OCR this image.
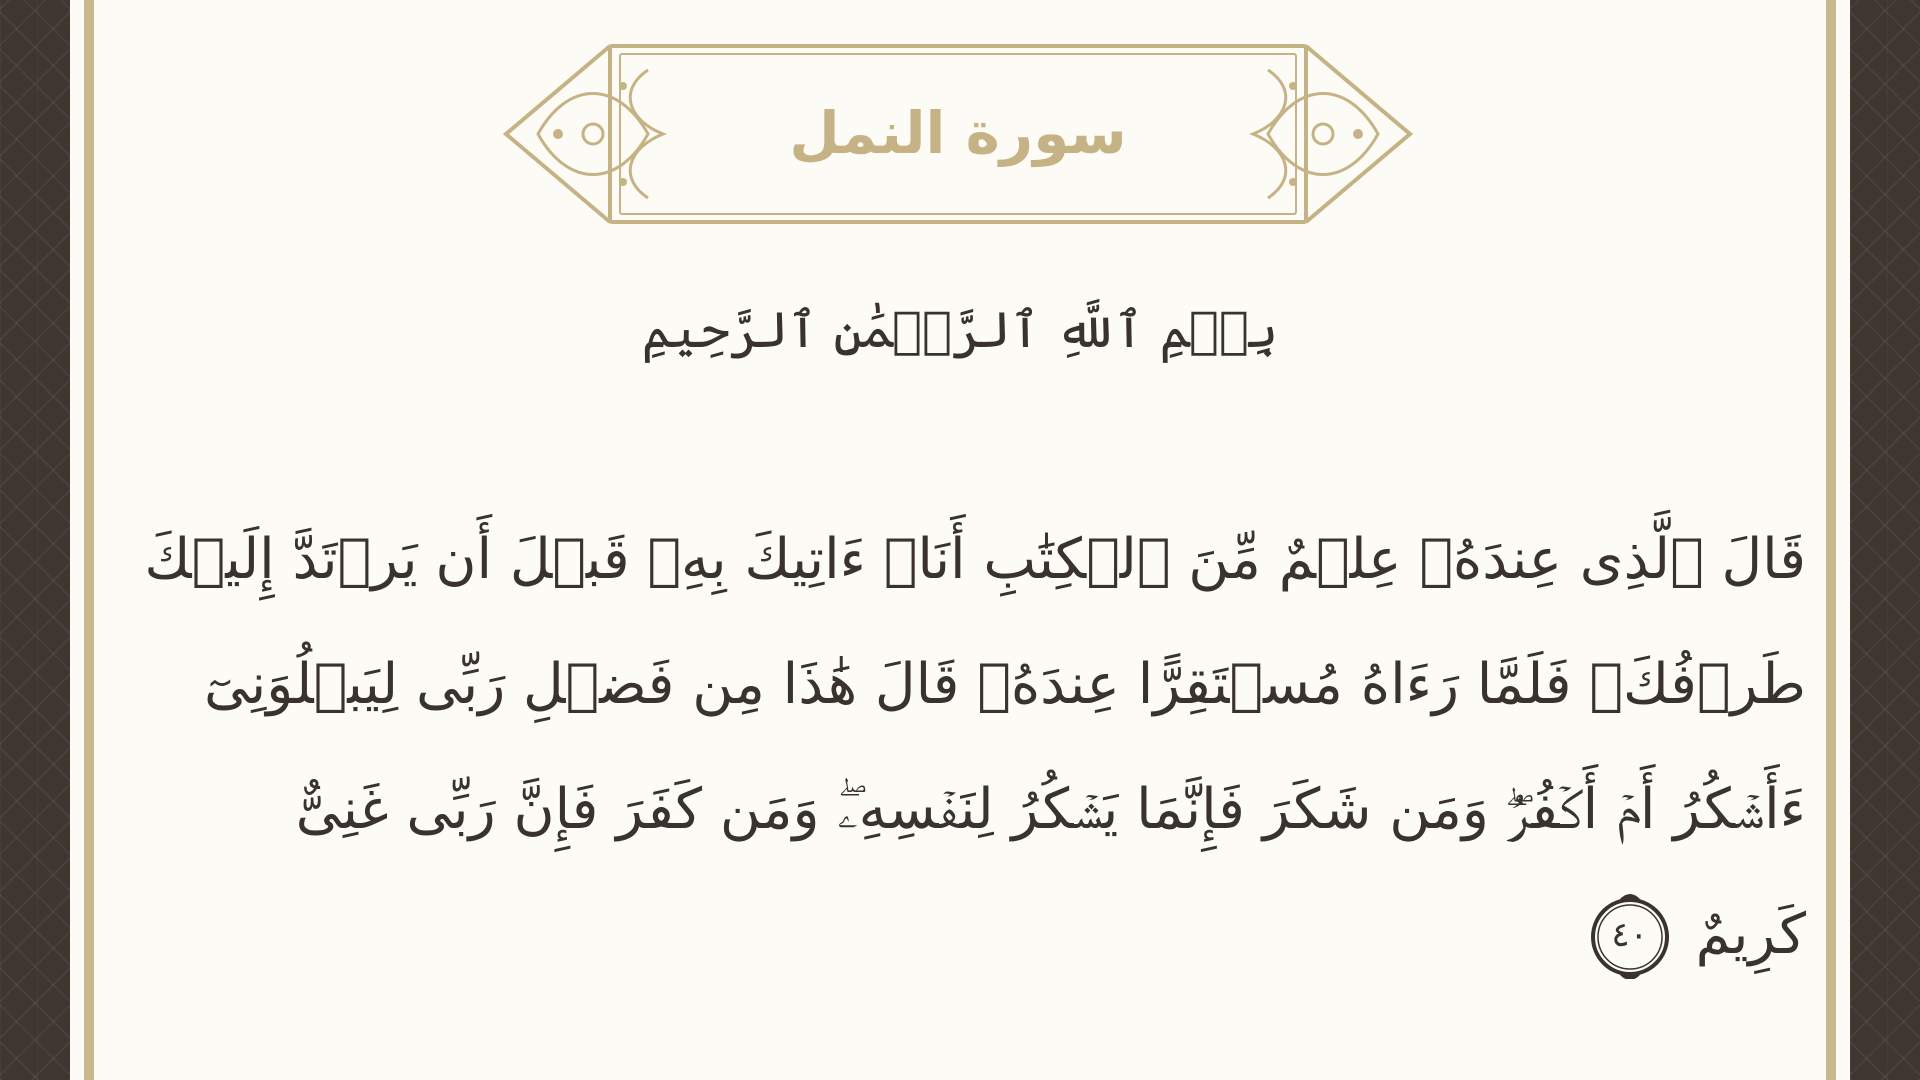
سورة النمل
بِسۡمِ ٱللَّهِ ٱلرَّحۡمَٰنِ ٱلرَّحِيمِ
قَالَ ٱلَّذِى عِندَهُۥ عِلۡمٌ مِّنَ ٱلۡكِتَٰبِ أَنَا۠ ءَاتِيكَ بِهِۦ قَبۡلَ أَن يَرۡتَدَّ إِلَيۡكَ
طَرۡفُكَۚ فَلَمَّا رَءَاهُ مُسۡتَقِرًّا عِندَهُۥ قَالَ هَٰذَا مِن فَضۡلِ رَبِّى لِيَبۡلُوَنِىٓ
ءَأَشۡكُرُ أَمۡ أَكۡفُرُۖ وَمَن شَكَرَ فَإِنَّمَا يَشۡكُرُ لِنَفۡسِهِۦۖ وَمَن كَفَرَ فَإِنَّ رَبِّى غَنِىٌّ
كَرِيمٌ
٤٠
